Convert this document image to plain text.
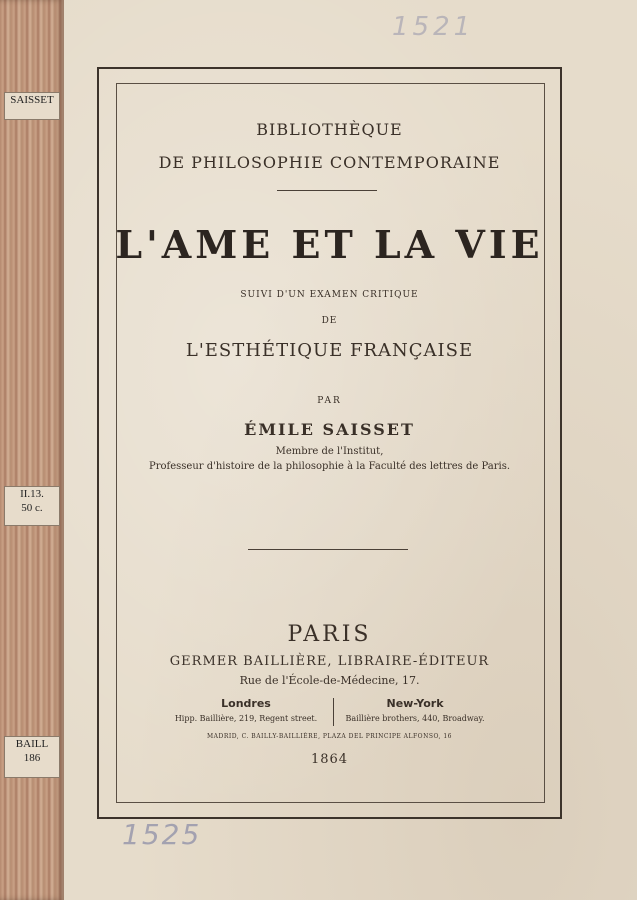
SAISSET
II.13.
50 c.
BAILL
186
1521
1525
BIBLIOTHÈQUE
DE PHILOSOPHIE CONTEMPORAINE
L'AME ET LA VIE
SUIVI D'UN EXAMEN CRITIQUE
DE
L'ESTHÉTIQUE FRANÇAISE
PAR
ÉMILE SAISSET
Membre de l'Institut,
Professeur d'histoire de la philosophie à la Faculté des lettres de Paris.
PARIS
GERMER BAILLIÈRE, LIBRAIRE-ÉDITEUR
Rue de l'École-de-Médecine, 17.
Londres
Hipp. Baillière, 219, Regent street.
New-York
Baillière brothers, 440, Broadway.
MADRID, C. BAILLY-BAILLIÈRE, PLAZA DEL PRINCIPE ALFONSO, 16
1864
